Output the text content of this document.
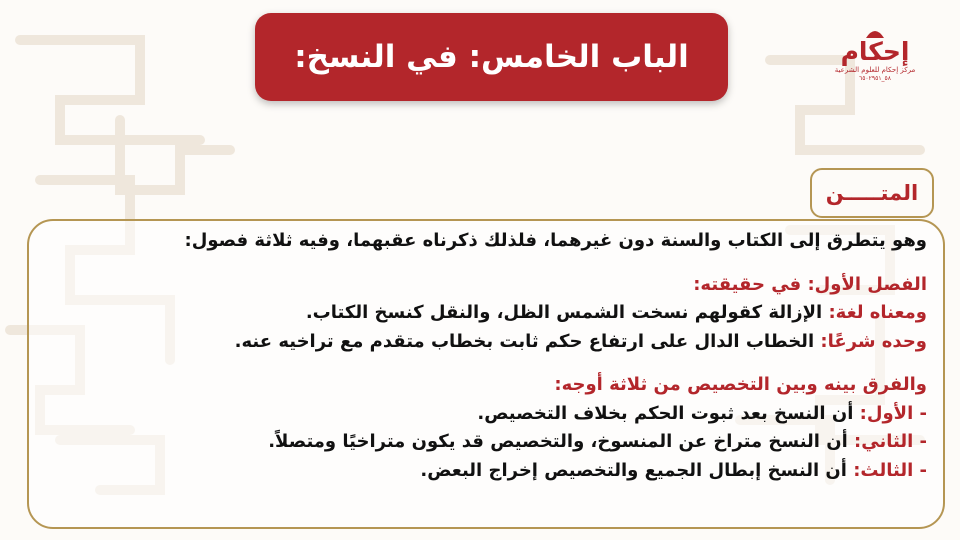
الباب الخامس: في النسخ:	إحكام
مركز إحكام للعلوم الشرعية
٥٨_٦٥٠٢٩٥١
المتـــــن
وهو يتطرق إلى الكتاب والسنة دون غيرهما، فلذلك ذكرناه عقبهما، وفيه ثلاثة فصول:
الفصل الأول: في حقيقته:
ومعناه لغة: الإزالة كقولهم نسخت الشمس الظل، والنقل كنسخ الكتاب.
وحده شرعًا: الخطاب الدال على ارتفاع حكم ثابت بخطاب متقدم مع تراخيه عنه.
والفرق بينه وبين التخصيص من ثلاثة أوجه:
- الأول: أن النسخ بعد ثبوت الحكم بخلاف التخصيص.
- الثاني: أن النسخ متراخ عن المنسوخ، والتخصيص قد يكون متراخيًا ومتصلاً.
- الثالث: أن النسخ إبطال الجميع والتخصيص إخراج البعض.
